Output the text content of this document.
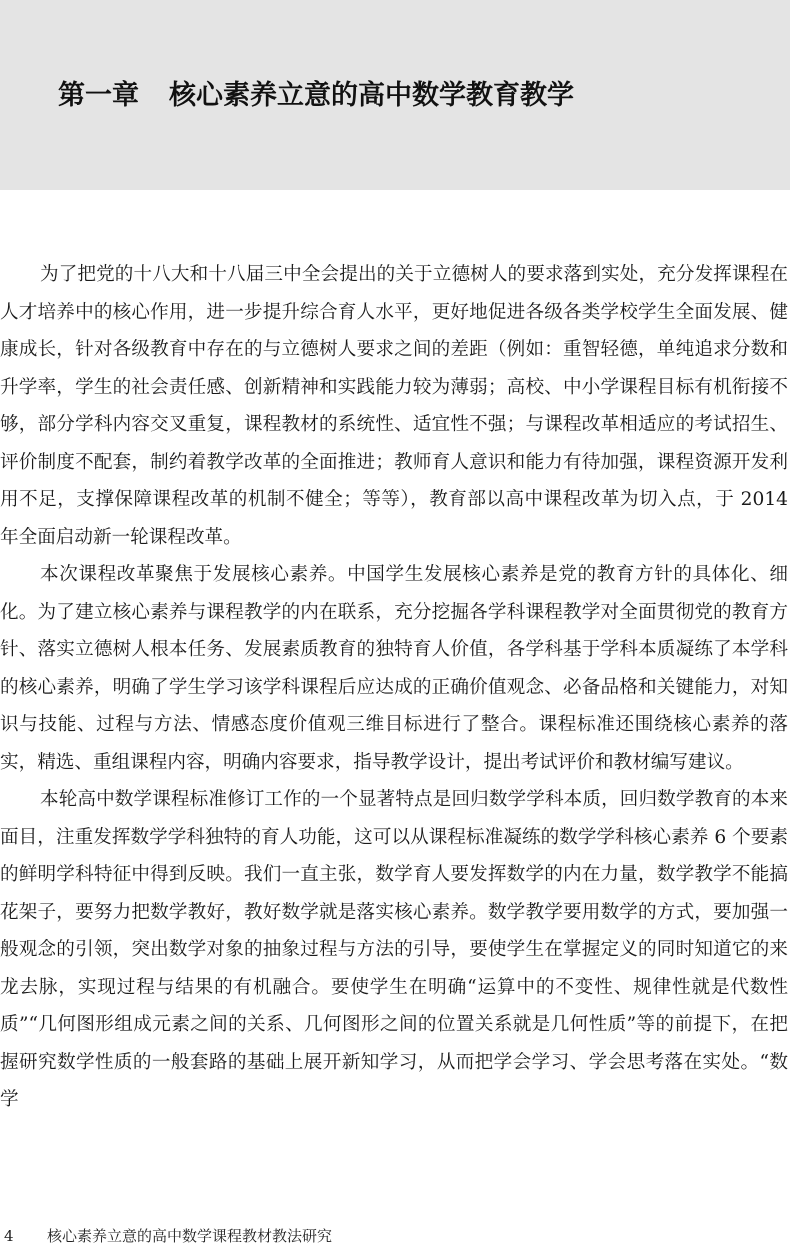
第一章 核心素养立意的高中数学教育教学

为了把党的十八大和十八届三中全会提出的关于立德树人的要求落到实处，充分发挥课程在人才培养中的核心作用，进一步提升综合育人水平，更好地促进各级各类学校学生全面发展、健康成长，针对各级教育中存在的与立德树人要求之间的差距（例如：重智轻德，单纯追求分数和升学率，学生的社会责任感、创新精神和实践能力较为薄弱；高校、中小学课程目标有机衔接不够，部分学科内容交叉重复，课程教材的系统性、适宜性不强；与课程改革相适应的考试招生、评价制度不配套，制约着教学改革的全面推进；教师育人意识和能力有待加强，课程资源开发利用不足，支撑保障课程改革的机制不健全；等等），教育部以高中课程改革为切入点，于 2014 年全面启动新一轮课程改革。

本次课程改革聚焦于发展核心素养。中国学生发展核心素养是党的教育方针的具体化、细化。为了建立核心素养与课程教学的内在联系，充分挖掘各学科课程教学对全面贯彻党的教育方针、落实立德树人根本任务、发展素质教育的独特育人价值，各学科基于学科本质凝练了本学科的核心素养，明确了学生学习该学科课程后应达成的正确价值观念、必备品格和关键能力，对知识与技能、过程与方法、情感态度价值观三维目标进行了整合。课程标准还围绕核心素养的落实，精选、重组课程内容，明确内容要求，指导教学设计，提出考试评价和教材编写建议。

本轮高中数学课程标准修订工作的一个显著特点是回归数学学科本质，回归数学教育的本来面目，注重发挥数学学科独特的育人功能，这可以从课程标准凝练的数学学科核心素养 6 个要素的鲜明学科特征中得到反映。我们一直主张，数学育人要发挥数学的内在力量，数学教学不能搞花架子，要努力把数学教好，教好数学就是落实核心素养。数学教学要用数学的方式，要加强一般观念的引领，突出数学对象的抽象过程与方法的引导，要使学生在掌握定义的同时知道它的来龙去脉，实现过程与结果的有机融合。要使学生在明确“运算中的不变性、规律性就是代数性质”“几何图形组成元素之间的关系、几何图形之间的位置关系就是几何性质”等的前提下，在把握研究数学性质的一般套路的基础上展开新知学习，从而把学会学习、学会思考落在实处。“数学

4 核心素养立意的高中数学课程教材教法研究
